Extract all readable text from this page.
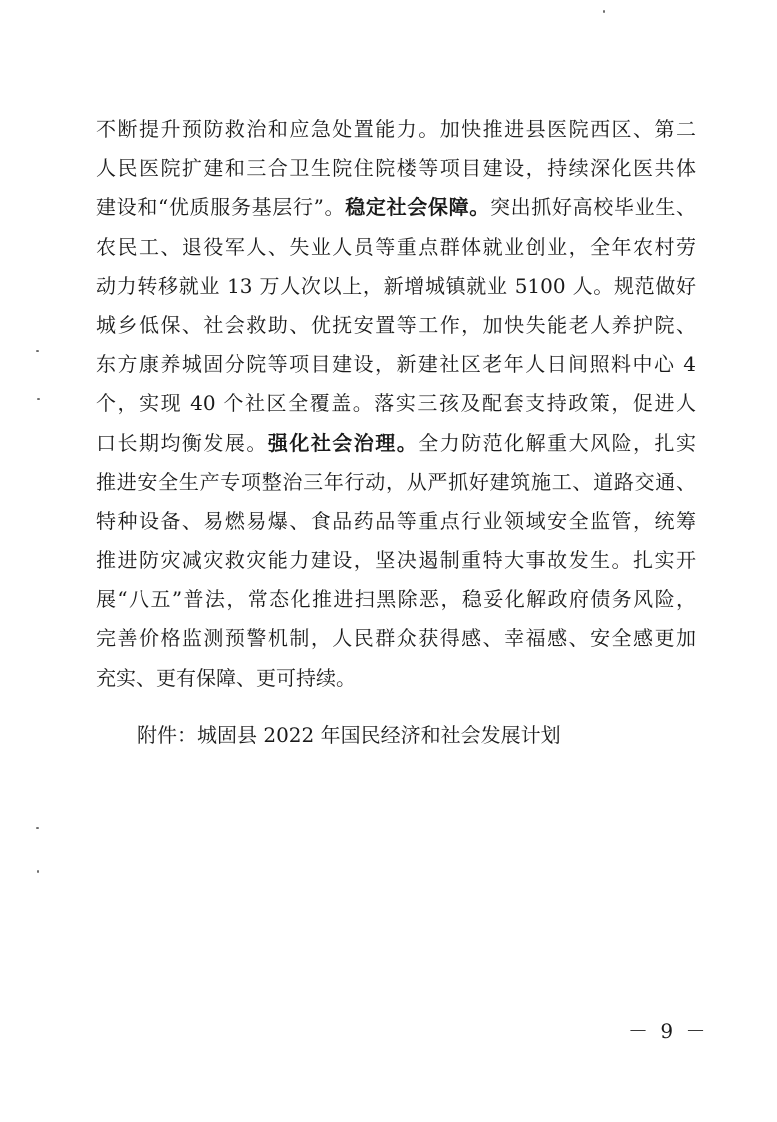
不断提升预防救治和应急处置能力。加快推进县医院西区、第二
人民医院扩建和三合卫生院住院楼等项目建设，持续深化医共体
建设和“优质服务基层行”。稳定社会保障。突出抓好高校毕业生、
农民工、退役军人、失业人员等重点群体就业创业，全年农村劳
动力转移就业 13 万人次以上，新增城镇就业 5100 人。规范做好
城乡低保、社会救助、优抚安置等工作，加快失能老人养护院、
东方康养城固分院等项目建设，新建社区老年人日间照料中心 4
个，实现 40 个社区全覆盖。落实三孩及配套支持政策，促进人
口长期均衡发展。强化社会治理。全力防范化解重大风险，扎实
推进安全生产专项整治三年行动，从严抓好建筑施工、道路交通、
特种设备、易燃易爆、食品药品等重点行业领域安全监管，统筹
推进防灾减灾救灾能力建设，坚决遏制重特大事故发生。扎实开
展“八五”普法，常态化推进扫黑除恶，稳妥化解政府债务风险，
完善价格监测预警机制，人民群众获得感、幸福感、安全感更加
充实、更有保障、更可持续。
附件：城固县 2022 年国民经济和社会发展计划
－ 9 －
